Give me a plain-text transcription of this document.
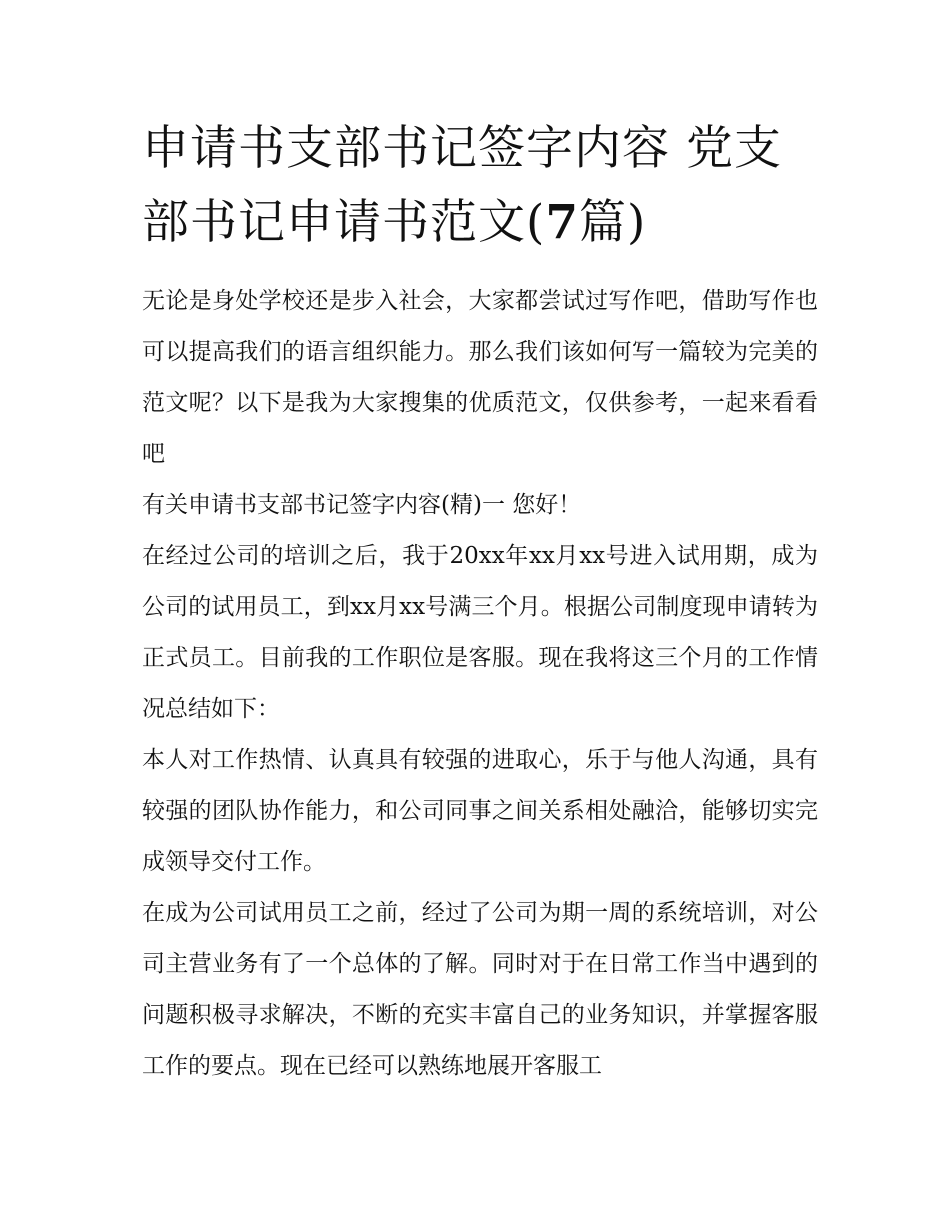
申请书支部书记签字内容 党支部书记申请书范文(7篇)

无论是身处学校还是步入社会，大家都尝试过写作吧，借助写作也可以提高我们的语言组织能力。那么我们该如何写一篇较为完美的范文呢？以下是我为大家搜集的优质范文，仅供参考，一起来看看吧

有关申请书支部书记签字内容(精)一 您好！

在经过公司的培训之后，我于20xx年xx月xx号进入试用期，成为公司的试用员工，到xx月xx号满三个月。根据公司制度现申请转为正式员工。目前我的工作职位是客服。现在我将这三个月的工作情况总结如下：

本人对工作热情、认真具有较强的进取心，乐于与他人沟通，具有较强的团队协作能力，和公司同事之间关系相处融洽，能够切实完成领导交付工作。

在成为公司试用员工之前，经过了公司为期一周的系统培训，对公司主营业务有了一个总体的了解。同时对于在日常工作当中遇到的问题积极寻求解决，不断的充实丰富自己的业务知识，并掌握客服工作的要点。现在已经可以熟练地展开客服工
